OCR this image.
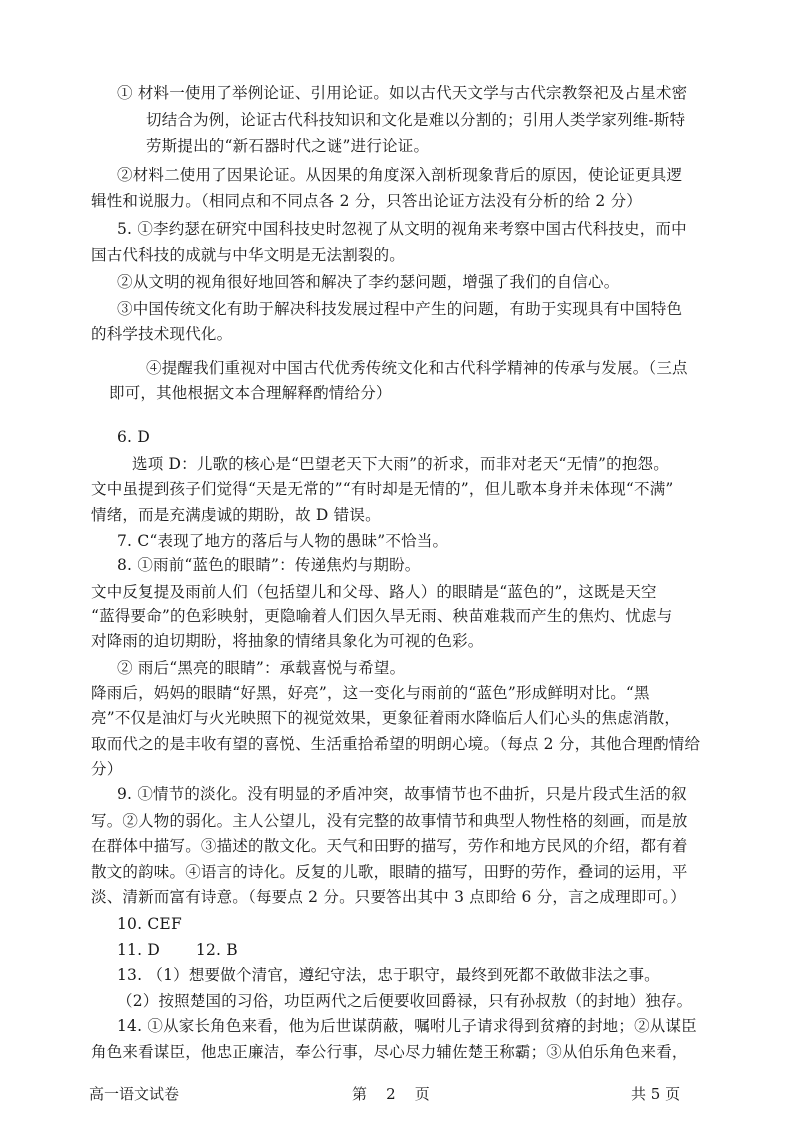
① 材料一使用了举例论证、引用论证。如以古代天文学与古代宗教祭祀及占星术密
切结合为例，论证古代科技知识和文化是难以分割的；引用人类学家列维-斯特
劳斯提出的“新石器时代之谜”进行论证。
②材料二使用了因果论证。从因果的角度深入剖析现象背后的原因，使论证更具逻
辑性和说服力。（相同点和不同点各 2 分，只答出论证方法没有分析的给 2 分）
5. ①李约瑟在研究中国科技史时忽视了从文明的视角来考察中国古代科技史，而中
国古代科技的成就与中华文明是无法割裂的。
②从文明的视角很好地回答和解决了李约瑟问题，增强了我们的自信心。
③中国传统文化有助于解决科技发展过程中产生的问题，有助于实现具有中国特色
的科学技术现代化。
④提醒我们重视对中国古代优秀传统文化和古代科学精神的传承与发展。（三点
即可，其他根据文本合理解释酌情给分）
6. D
选项 D：儿歌的核心是“巴望老天下大雨”的祈求，而非对老天“无情”的抱怨。
文中虽提到孩子们觉得“天是无常的”“有时却是无情的”，但儿歌本身并未体现“不满”
情绪，而是充满虔诚的期盼，故 D 错误。
7. C“表现了地方的落后与人物的愚昧”不恰当。
8. ①雨前“蓝色的眼睛”：传递焦灼与期盼。
文中反复提及雨前人们（包括望儿和父母、路人）的眼睛是“蓝色的”，这既是天空
“蓝得要命”的色彩映射，更隐喻着人们因久旱无雨、秧苗难栽而产生的焦灼、忧虑与
对降雨的迫切期盼，将抽象的情绪具象化为可视的色彩。
② 雨后“黑亮的眼睛”：承载喜悦与希望。
降雨后，妈妈的眼睛“好黑，好亮”，这一变化与雨前的“蓝色”形成鲜明对比。“黑
亮”不仅是油灯与火光映照下的视觉效果，更象征着雨水降临后人们心头的焦虑消散，
取而代之的是丰收有望的喜悦、生活重拾希望的明朗心境。（每点 2 分，其他合理酌情给
分）
9. ①情节的淡化。没有明显的矛盾冲突，故事情节也不曲折，只是片段式生活的叙
写。②人物的弱化。主人公望儿，没有完整的故事情节和典型人物性格的刻画，而是放
在群体中描写。③描述的散文化。天气和田野的描写，劳作和地方民风的介绍，都有着
散文的韵味。④语言的诗化。反复的儿歌，眼睛的描写，田野的劳作，叠词的运用，平
淡、清新而富有诗意。（每要点 2 分。只要答出其中 3 点即给 6 分，言之成理即可。）
10. CEF
11. D       12. B
13. （1）想要做个清官，遵纪守法，忠于职守，最终到死都不敢做非法之事。
（2）按照楚国的习俗，功臣两代之后便要收回爵禄，只有孙叔敖（的封地）独存。
14. ①从家长角色来看，他为后世谋荫蔽，嘱咐儿子请求得到贫瘠的封地；②从谋臣
角色来看谋臣，他忠正廉洁，奉公行事，尽心尽力辅佐楚王称霸；③从伯乐角色来看，
高一语文试卷	第    2    页	共 5 页
